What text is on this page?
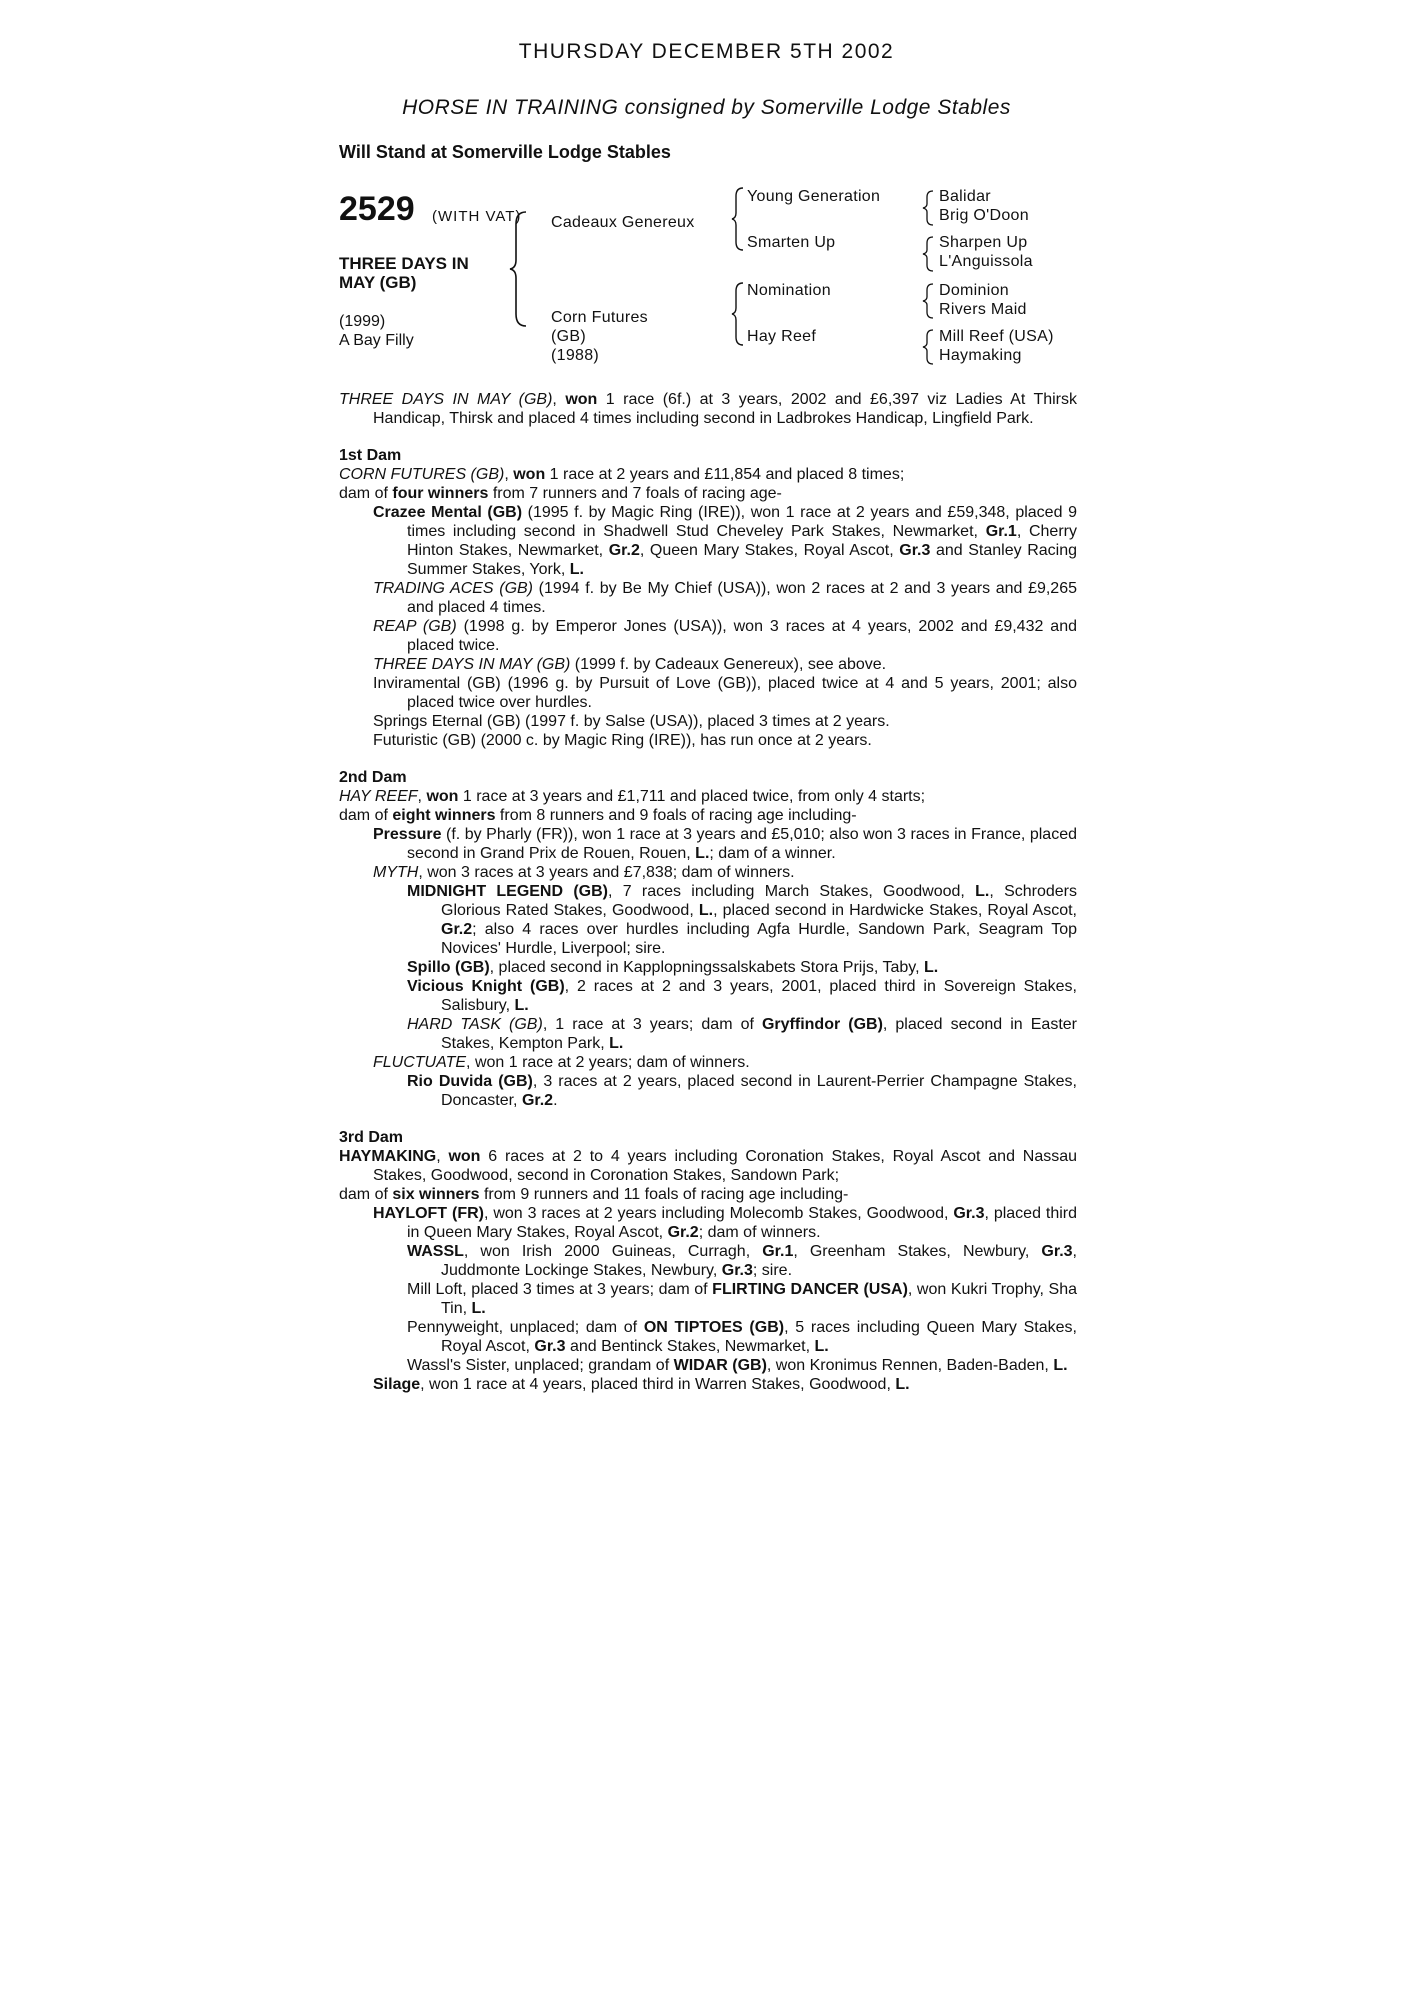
THURSDAY DECEMBER 5TH 2002
HORSE IN TRAINING consigned by Somerville Lodge Stables
Will Stand at Somerville Lodge Stables
2529 (WITH VAT)
THREE DAYS IN MAY (GB)
(1999)
A Bay Filly
Cadeaux Genereux
Corn Futures
(GB)
(1988)
Young Generation
Smarten Up
Nomination
Hay Reef
Balidar
Brig O'Doon
Sharpen Up
L'Anguissola
Dominion
Rivers Maid
Mill Reef (USA)
Haymaking
THREE DAYS IN MAY (GB), won 1 race (6f.) at 3 years, 2002 and £6,397 viz Ladies At Thirsk Handicap, Thirsk and placed 4 times including second in Ladbrokes Handicap, Lingfield Park.
1st Dam
CORN FUTURES (GB), won 1 race at 2 years and £11,854 and placed 8 times;
dam of four winners from 7 runners and 7 foals of racing age-
Crazee Mental (GB) (1995 f. by Magic Ring (IRE)), won 1 race at 2 years and £59,348, placed 9 times including second in Shadwell Stud Cheveley Park Stakes, Newmarket, Gr.1, Cherry Hinton Stakes, Newmarket, Gr.2, Queen Mary Stakes, Royal Ascot, Gr.3 and Stanley Racing Summer Stakes, York, L.
TRADING ACES (GB) (1994 f. by Be My Chief (USA)), won 2 races at 2 and 3 years and £9,265 and placed 4 times.
REAP (GB) (1998 g. by Emperor Jones (USA)), won 3 races at 4 years, 2002 and £9,432 and placed twice.
THREE DAYS IN MAY (GB) (1999 f. by Cadeaux Genereux), see above.
Inviramental (GB) (1996 g. by Pursuit of Love (GB)), placed twice at 4 and 5 years, 2001; also placed twice over hurdles.
Springs Eternal (GB) (1997 f. by Salse (USA)), placed 3 times at 2 years.
Futuristic (GB) (2000 c. by Magic Ring (IRE)), has run once at 2 years.
2nd Dam
HAY REEF, won 1 race at 3 years and £1,711 and placed twice, from only 4 starts;
dam of eight winners from 8 runners and 9 foals of racing age including-
Pressure (f. by Pharly (FR)), won 1 race at 3 years and £5,010; also won 3 races in France, placed second in Grand Prix de Rouen, Rouen, L.; dam of a winner.
MYTH, won 3 races at 3 years and £7,838; dam of winners.
MIDNIGHT LEGEND (GB), 7 races including March Stakes, Goodwood, L., Schroders Glorious Rated Stakes, Goodwood, L., placed second in Hardwicke Stakes, Royal Ascot, Gr.2; also 4 races over hurdles including Agfa Hurdle, Sandown Park, Seagram Top Novices' Hurdle, Liverpool; sire.
Spillo (GB), placed second in Kapplopningssalskabets Stora Prijs, Taby, L.
Vicious Knight (GB), 2 races at 2 and 3 years, 2001, placed third in Sovereign Stakes, Salisbury, L.
HARD TASK (GB), 1 race at 3 years; dam of Gryffindor (GB), placed second in Easter Stakes, Kempton Park, L.
FLUCTUATE, won 1 race at 2 years; dam of winners.
Rio Duvida (GB), 3 races at 2 years, placed second in Laurent-Perrier Champagne Stakes, Doncaster, Gr.2.
3rd Dam
HAYMAKING, won 6 races at 2 to 4 years including Coronation Stakes, Royal Ascot and Nassau Stakes, Goodwood, second in Coronation Stakes, Sandown Park;
dam of six winners from 9 runners and 11 foals of racing age including-
HAYLOFT (FR), won 3 races at 2 years including Molecomb Stakes, Goodwood, Gr.3, placed third in Queen Mary Stakes, Royal Ascot, Gr.2; dam of winners.
WASSL, won Irish 2000 Guineas, Curragh, Gr.1, Greenham Stakes, Newbury, Gr.3, Juddmonte Lockinge Stakes, Newbury, Gr.3; sire.
Mill Loft, placed 3 times at 3 years; dam of FLIRTING DANCER (USA), won Kukri Trophy, Sha Tin, L.
Pennyweight, unplaced; dam of ON TIPTOES (GB), 5 races including Queen Mary Stakes, Royal Ascot, Gr.3 and Bentinck Stakes, Newmarket, L.
Wassl's Sister, unplaced; grandam of WIDAR (GB), won Kronimus Rennen, Baden-Baden, L.
Silage, won 1 race at 4 years, placed third in Warren Stakes, Goodwood, L.
